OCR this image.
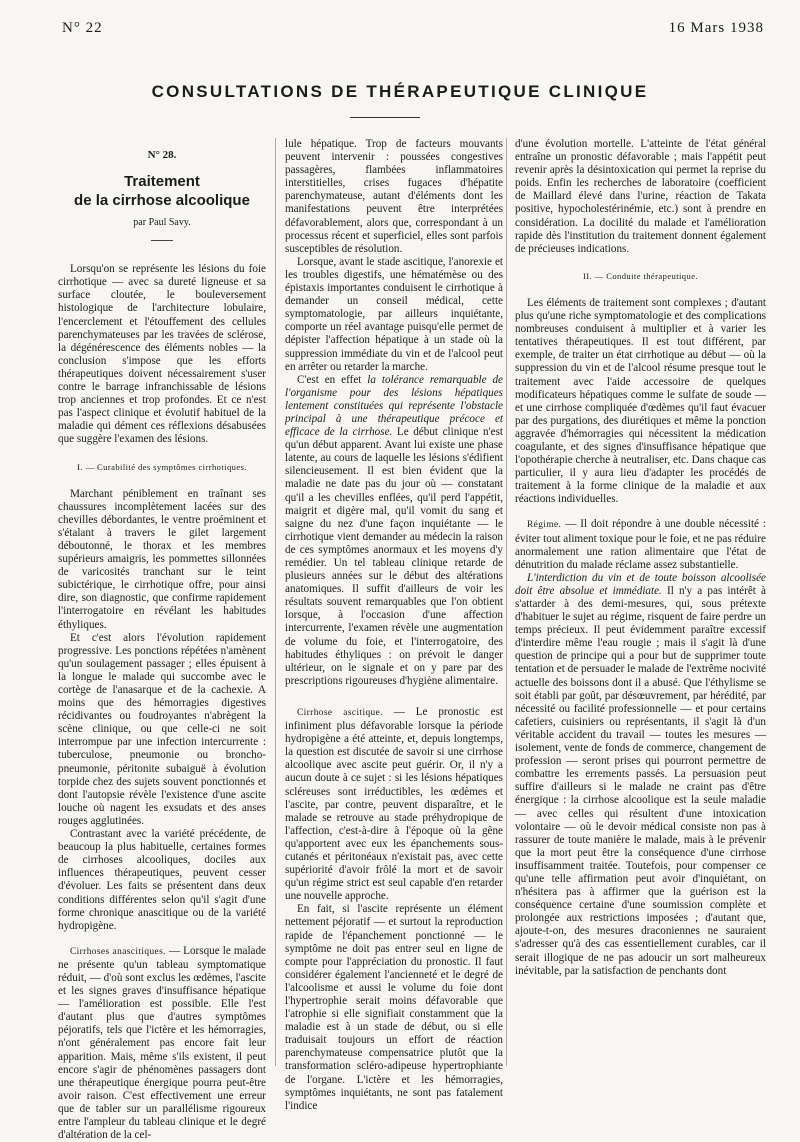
N° 22	16 Mars 1938
CONSULTATIONS DE THÉRAPEUTIQUE CLINIQUE
N° 28.
Traitement
de la cirrhose alcoolique
par Paul Savy.

Lorsqu'on se représente les lésions du foie cirrhotique — avec sa dureté ligneuse et sa surface cloutée, le bouleversement histologique de l'architecture lobulaire, l'encerclement et l'étouffement des cellules parenchymateuses par les travées de sclérose, la dégénérescence des éléments nobles — la conclusion s'impose que les efforts thérapeutiques doivent nécessairement s'user contre le barrage infranchissable de lésions trop anciennes et trop profondes. Et ce n'est pas l'aspect clinique et évolutif habituel de la maladie qui dément ces réflexions désabusées que suggère l'examen des lésions.

I. — Curabilité des symptômes cirrhotiques.

Marchant péniblement en traînant ses chaussures incomplètement lacées sur des chevilles débordantes, le ventre proéminent et s'étalant à travers le gilet largement déboutonné, le thorax et les membres supérieurs amaigris, les pommettes sillonnées de varicosités tranchant sur le teint subictérique, le cirrhotique offre, pour ainsi dire, son diagnostic, que confirme rapidement l'interrogatoire en révélant les habitudes éthyliques.

Et c'est alors l'évolution rapidement progressive. Les ponctions répétées n'amènent qu'un soulagement passager ; elles épuisent à la longue le malade qui succombe avec le cortège de l'anasarque et de la cachexie. A moins que des hémorragies digestives récidivantes ou foudroyantes n'abrègent la scène clinique, ou que celle-ci ne soit interrompue par une infection intercurrente : tuberculose, pneumonie ou broncho-pneumonie, péritonite subaiguë à évolution torpide chez des sujets souvent ponctionnés et dont l'autopsie révèle l'existence d'une ascite louche où nagent les exsudats et des anses rouges agglutinées.

Contrastant avec la variété précédente, de beaucoup la plus habituelle, certaines formes de cirrhoses alcooliques, dociles aux influences thérapeutiques, peuvent cesser d'évoluer. Les faits se présentent dans deux conditions différentes selon qu'il s'agit d'une forme chronique anascitique ou de la variété hydropigène.

Cirrhoses anascitiques. — Lorsque le malade ne présente qu'un tableau symptomatique réduit, — d'où sont exclus les œdèmes, l'ascite et les signes graves d'insuffisance hépatique — l'amélioration est possible. Elle l'est d'autant plus que d'autres symptômes péjoratifs, tels que l'ictère et les hémorragies, n'ont généralement pas encore fait leur apparition. Mais, même s'ils existent, il peut encore s'agir de phénomènes passagers dont une thérapeutique énergique pourra peut-être avoir raison. C'est effectivement une erreur que de tabler sur un parallélisme rigoureux entre l'ampleur du tableau clinique et le degré d'altération de la cel-

lule hépatique. Trop de facteurs mouvants peuvent intervenir : poussées congestives passagères, flambées inflammatoires interstitielles, crises fugaces d'hépatite parenchymateuse, autant d'éléments dont les manifestations peuvent être interprétées défavorablement, alors que, correspondant à un processus récent et superficiel, elles sont parfois susceptibles de résolution.

Lorsque, avant le stade ascitique, l'anorexie et les troubles digestifs, une hématémèse ou des épistaxis importantes conduisent le cirrhotique à demander un conseil médical, cette symptomatologie, par ailleurs inquiétante, comporte un réel avantage puisqu'elle permet de dépister l'affection hépatique à un stade où la suppression immédiate du vin et de l'alcool peut en arrêter ou retarder la marche.

C'est en effet la tolérance remarquable de l'organisme pour des lésions hépatiques lentement constituées qui représente l'obstacle principal à une thérapeutique précoce et efficace de la cirrhose. Le début clinique n'est qu'un début apparent. Avant lui existe une phase latente, au cours de laquelle les lésions s'édifient silencieusement. Il est bien évident que la maladie ne date pas du jour où — constatant qu'il a les chevilles enflées, qu'il perd l'appétit, maigrit et digère mal, qu'il vomit du sang et saigne du nez d'une façon inquiétante — le cirrhotique vient demander au médecin la raison de ces symptômes anormaux et les moyens d'y remédier. Un tel tableau clinique retarde de plusieurs années sur le début des altérations anatomiques. Il suffit d'ailleurs de voir les résultats souvent remarquables que l'on obtient lorsque, à l'occasion d'une affection intercurrente, l'examen révèle une augmentation de volume du foie, et l'interrogatoire, des habitudes éthyliques : on prévoit le danger ultérieur, on le signale et on y pare par des prescriptions rigoureuses d'hygiène alimentaire.

Cirrhose ascitique. — Le pronostic est infiniment plus défavorable lorsque la période hydropigène a été atteinte, et, depuis longtemps, la question est discutée de savoir si une cirrhose alcoolique avec ascite peut guérir. Or, il n'y a aucun doute à ce sujet : si les lésions hépatiques scléreuses sont irréductibles, les œdèmes et l'ascite, par contre, peuvent disparaître, et le malade se retrouve au stade préhydropique de l'affection, c'est-à-dire à l'époque où la gêne qu'apportent avec eux les épanchements sous-cutanés et péritonéaux n'existait pas, avec cette supériorité d'avoir frôlé la mort et de savoir qu'un régime strict est seul capable d'en retarder une nouvelle approche.

En fait, si l'ascite représente un élément nettement péjoratif — et surtout la reproduction rapide de l'épanchement ponctionné — le symptôme ne doit pas entrer seul en ligne de compte pour l'appréciation du pronostic. Il faut considérer également l'ancienneté et le degré de l'alcoolisme et aussi le volume du foie dont l'hypertrophie serait moins défavorable que l'atrophie si elle signifiait constamment que la maladie est à un stade de début, ou si elle traduisait toujours un effort de réaction parenchymateuse compensatrice plutôt que la transformation scléro-adipeuse hypertrophiante de l'organe. L'ictère et les hémorragies, symptômes inquiétants, ne sont pas fatalement l'indice

d'une évolution mortelle. L'atteinte de l'état général entraîne un pronostic défavorable ; mais l'appétit peut revenir après la désintoxication qui permet la reprise du poids. Enfin les recherches de laboratoire (coefficient de Maillard élevé dans l'urine, réaction de Takata positive, hypocholestérinémie, etc.) sont à prendre en considération. La docilité du malade et l'amélioration rapide dès l'institution du traitement donnent également de précieuses indications.

II. — Conduite thérapeutique.

Les éléments de traitement sont complexes ; d'autant plus qu'une riche symptomatologie et des complications nombreuses conduisent à multiplier et à varier les tentatives thérapeutiques. Il est tout différent, par exemple, de traiter un état cirrhotique au début — où la suppression du vin et de l'alcool résume presque tout le traitement avec l'aide accessoire de quelques modificateurs hépatiques comme le sulfate de soude — et une cirrhose compliquée d'œdèmes qu'il faut évacuer par des purgations, des diurétiques et même la ponction aggravée d'hémorragies qui nécessitent la médication coagulante, et des signes d'insuffisance hépatique que l'opothérapie cherche à neutraliser, etc. Dans chaque cas particulier, il y aura lieu d'adapter les procédés de traitement à la forme clinique de la maladie et aux réactions individuelles.

Régime. — Il doit répondre à une double nécessité : éviter tout aliment toxique pour le foie, et ne pas réduire anormalement une ration alimentaire que l'état de dénutrition du malade réclame assez substantielle.

L'interdiction du vin et de toute boisson alcoolisée doit être absolue et immédiate. Il n'y a pas intérêt à s'attarder à des demi-mesures, qui, sous prétexte d'habituer le sujet au régime, risquent de faire perdre un temps précieux. Il peut évidemment paraître excessif d'interdire même l'eau rougie ; mais il s'agit là d'une question de principe qui a pour but de supprimer toute tentation et de persuader le malade de l'extrême nocivité actuelle des boissons dont il a abusé. Que l'éthylisme se soit établi par goût, par désœuvrement, par hérédité, par nécessité ou facilité professionnelle — et pour certains cafetiers, cuisiniers ou représentants, il s'agit là d'un véritable accident du travail — toutes les mesures — isolement, vente de fonds de commerce, changement de profession — seront prises qui pourront permettre de combattre les errements passés. La persuasion peut suffire d'ailleurs si le malade ne craint pas d'être énergique : la cirrhose alcoolique est la seule maladie — avec celles qui résultent d'une intoxication volontaire — où le devoir médical consiste non pas à rassurer de toute manière le malade, mais à le prévenir que la mort peut être la conséquence d'une cirrhose insuffisamment traitée. Toutefois, pour compenser ce qu'une telle affirmation peut avoir d'inquiétant, on n'hésitera pas à affirmer que la guérison est la conséquence certaine d'une soumission complète et prolongée aux restrictions imposées ; d'autant que, ajoute-t-on, des mesures draconiennes ne sauraient s'adresser qu'à des cas essentiellement curables, car il serait illogique de ne pas adoucir un sort malheureux inévitable, par la satisfaction de penchants dont
